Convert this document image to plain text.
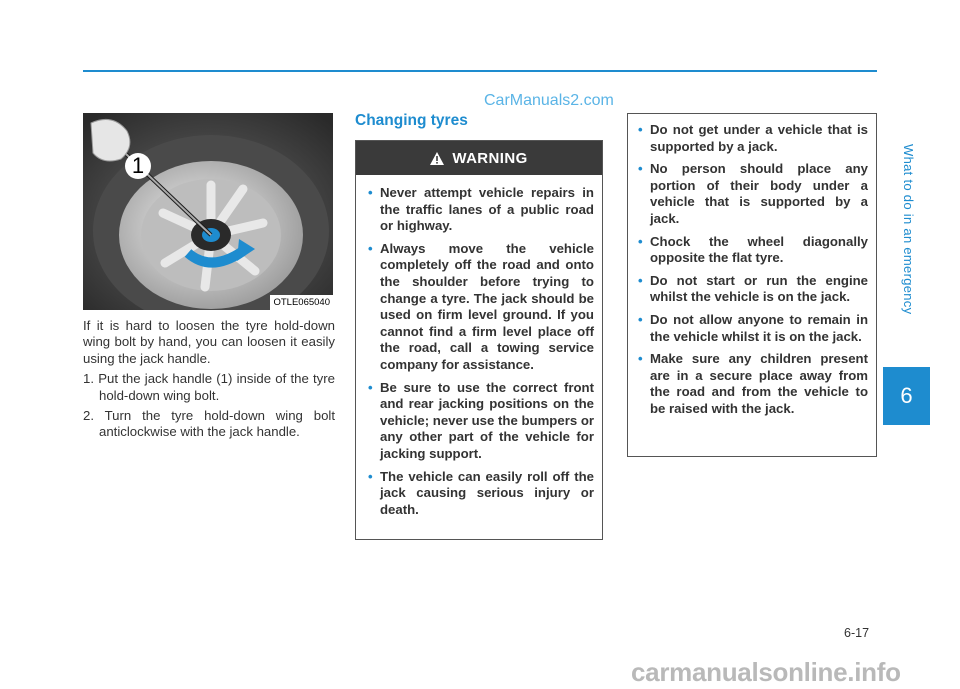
CarManuals2.com
What to do in an emergency
6
1
OTLE065040

If it is hard to loosen the tyre hold-down wing bolt by hand, you can loosen it easily using the jack handle.

1. Put the jack handle (1) inside of the tyre hold-down wing bolt.

2. Turn the tyre hold-down wing bolt anticlockwise with the jack handle.

Changing tyres
WARNING
• Never attempt vehicle repairs in the traffic lanes of a public road or highway.
• Always move the vehicle completely off the road and onto the shoulder before trying to change a tyre. The jack should be used on firm level ground. If you cannot find a firm level place off the road, call a towing service company for assistance.
• Be sure to use the correct front and rear jacking positions on the vehicle; never use the bumpers or any other part of the vehicle for jacking support.
• The vehicle can easily roll off the jack causing serious injury or death.
• Do not get under a vehicle that is supported by a jack.
• No person should place any portion of their body under a vehicle that is supported by a jack.
• Chock the wheel diagonally opposite the flat tyre.
• Do not start or run the engine whilst the vehicle is on the jack.
• Do not allow anyone to remain in the vehicle whilst it is on the jack.
• Make sure any children present are in a secure place away from the road and from the vehicle to be raised with the jack.
6-17
carmanualsonline.info
